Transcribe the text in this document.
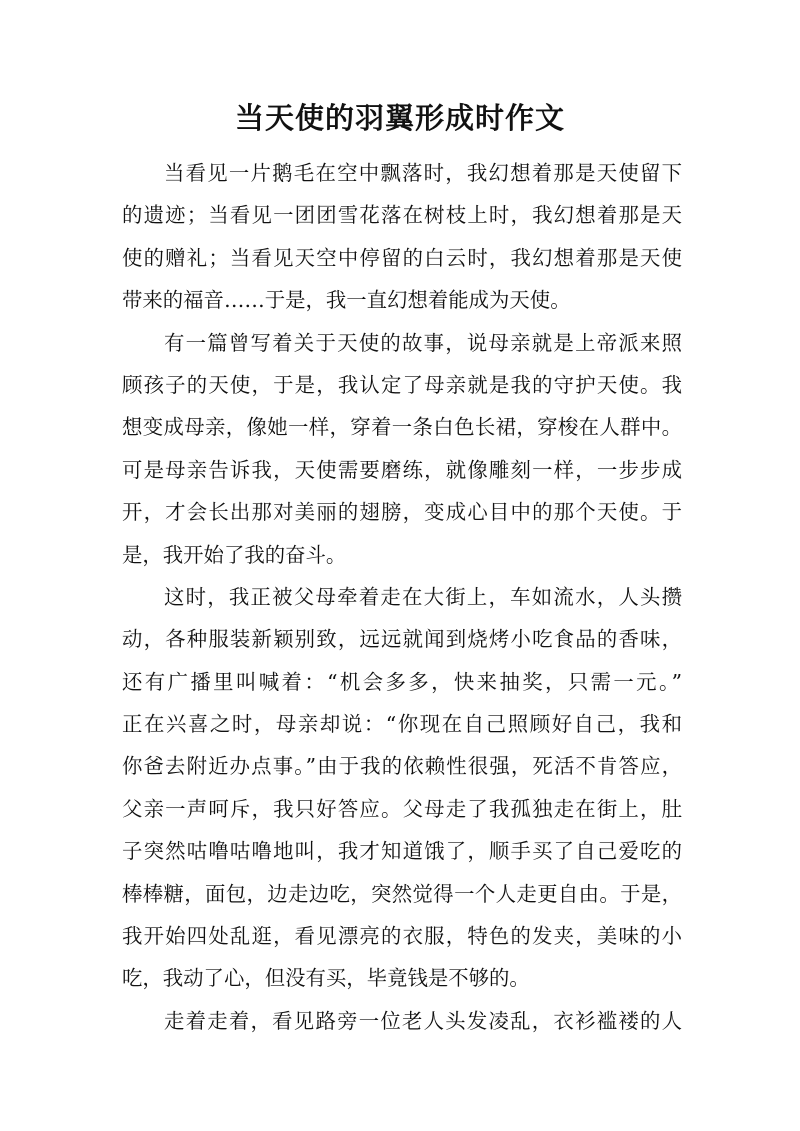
当天使的羽翼形成时作文
当看见一片鹅毛在空中飘落时，我幻想着那是天使留下
的遗迹；当看见一团团雪花落在树枝上时，我幻想着那是天
使的赠礼；当看见天空中停留的白云时，我幻想着那是天使
带来的福音……于是，我一直幻想着能成为天使。
有一篇曾写着关于天使的故事，说母亲就是上帝派来照
顾孩子的天使，于是，我认定了母亲就是我的守护天使。我
想变成母亲，像她一样，穿着一条白色长裙，穿梭在人群中。
可是母亲告诉我，天使需要磨练，就像雕刻一样，一步步成
开，才会长出那对美丽的翅膀，变成心目中的那个天使。于
是，我开始了我的奋斗。
这时，我正被父母牵着走在大街上，车如流水，人头攒
动，各种服装新颖别致，远远就闻到烧烤小吃食品的香味，
还有广播里叫喊着：“机会多多，快来抽奖，只需一元。”
正在兴喜之时，母亲却说：“你现在自己照顾好自己，我和
你爸去附近办点事。”由于我的依赖性很强，死活不肯答应，
父亲一声呵斥，我只好答应。父母走了我孤独走在街上，肚
子突然咕噜咕噜地叫，我才知道饿了，顺手买了自己爱吃的
棒棒糖，面包，边走边吃，突然觉得一个人走更自由。于是，
我开始四处乱逛，看见漂亮的衣服，特色的发夹，美味的小
吃，我动了心，但没有买，毕竟钱是不够的。
走着走着，看见路旁一位老人头发凌乱，衣衫褴褛的人
